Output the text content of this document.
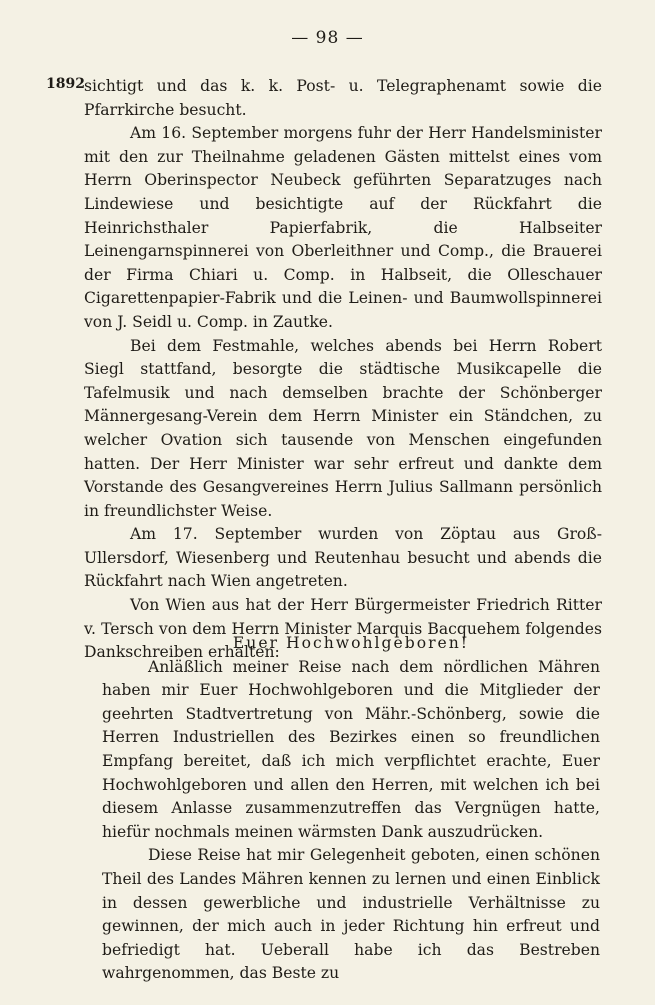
— 98 —
1892 sichtigt und das k. k. Post- u. Telegraphenamt sowie die Pfarrkirche besucht.

Am 16. September morgens fuhr der Herr Handelsminister mit den zur Theilnahme geladenen Gästen mittelst eines vom Herrn Oberinspector Neubeck geführten Separatzuges nach Lindewiese und besichtigte auf der Rückfahrt die Heinrichsthaler Papierfabrik, die Halbseiter Leinengarnspinnerei von Oberleithner und Comp., die Brauerei der Firma Chiari u. Comp. in Halbseit, die Olleschauer Cigarettenpapier-Fabrik und die Leinen- und Baumwollspinnerei von J. Seidl u. Comp. in Zautke.

Bei dem Festmahle, welches abends bei Herrn Robert Siegl stattfand, besorgte die städtische Musikcapelle die Tafelmusik und nach demselben brachte der Schönberger Männergesang-Verein dem Herrn Minister ein Ständchen, zu welcher Ovation sich tausende von Menschen eingefunden hatten. Der Herr Minister war sehr erfreut und dankte dem Vorstande des Gesangvereines Herrn Julius Sallmann persönlich in freundlichster Weise.

Am 17. September wurden von Zöptau aus Groß-Ullersdorf, Wiesenberg und Reutenhau besucht und abends die Rückfahrt nach Wien angetreten.

Von Wien aus hat der Herr Bürgermeister Friedrich Ritter v. Tersch von dem Herrn Minister Marquis Bacquehem folgendes Dankschreiben erhalten:

Euer Hochwohlgeboren!

Anläßlich meiner Reise nach dem nördlichen Mähren haben mir Euer Hochwohlgeboren und die Mitglieder der geehrten Stadtvertretung von Mähr.-Schönberg, sowie die Herren Industriellen des Bezirkes einen so freundlichen Empfang bereitet, daß ich mich verpflichtet erachte, Euer Hochwohlgeboren und allen den Herren, mit welchen ich bei diesem Anlasse zusammenzutreffen das Vergnügen hatte, hiefür nochmals meinen wärmsten Dank auszudrücken.

Diese Reise hat mir Gelegenheit geboten, einen schönen Theil des Landes Mähren kennen zu lernen und einen Einblick in dessen gewerbliche und industrielle Verhältnisse zu gewinnen, der mich auch in jeder Richtung hin erfreut und befriedigt hat. Ueberall habe ich das Bestreben wahrgenommen, das Beste zu
